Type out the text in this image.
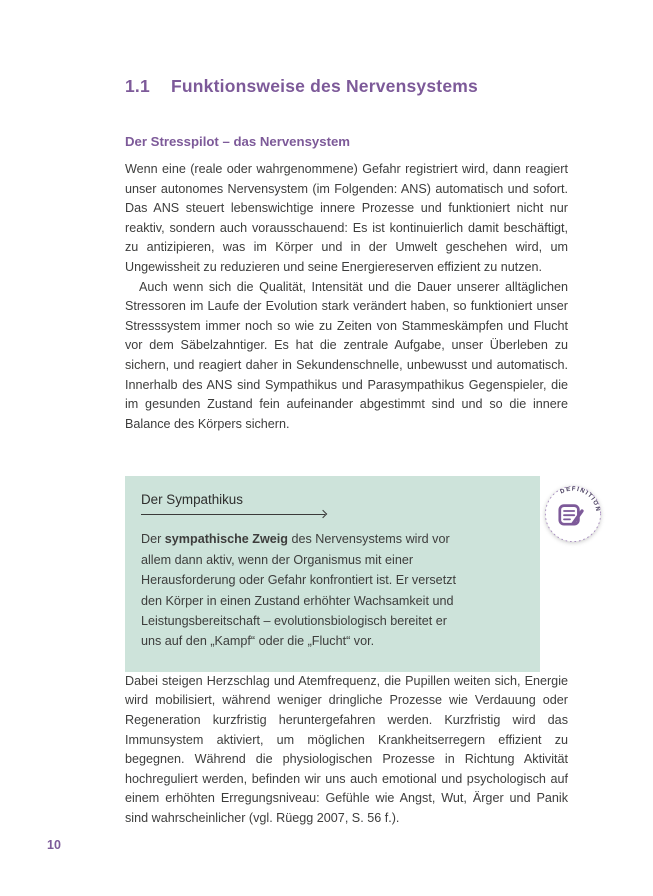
1.1	Funktionsweise des Nervensystems
Der Stresspilot – das Nervensystem

Wenn eine (reale oder wahrgenommene) Gefahr registriert wird, dann reagiert unser autonomes Nervensystem (im Folgenden: ANS) automatisch und sofort. Das ANS steuert lebenswichtige innere Prozesse und funktioniert nicht nur reaktiv, sondern auch vorausschauend: Es ist kontinuierlich damit beschäftigt, zu antizipieren, was im Körper und in der Umwelt geschehen wird, um Ungewissheit zu reduzieren und seine Energiereserven effizient zu nutzen.

Auch wenn sich die Qualität, Intensität und die Dauer unserer alltäglichen Stressoren im Laufe der Evolution stark verändert haben, so funktioniert unser Stresssystem immer noch so wie zu Zeiten von Stammeskämpfen und Flucht vor dem Säbelzahntiger. Es hat die zentrale Aufgabe, unser Überleben zu sichern, und reagiert daher in Sekundenschnelle, unbewusst und automatisch. Innerhalb des ANS sind Sympathikus und Parasympathikus Gegenspieler, die im gesunden Zustand fein aufeinander abgestimmt sind und so die innere Balance des Körpers sichern.

Der Sympathikus

Der sympathische Zweig des Nervensystems wird vor allem dann aktiv, wenn der Organismus mit einer Herausforderung oder Gefahr konfrontiert ist. Er versetzt den Körper in einen Zustand erhöhter Wachsamkeit und Leistungsbereitschaft – evolutionsbiologisch bereitet er uns auf den „Kampf“ oder die „Flucht“ vor.

DEFINITION

Dabei steigen Herzschlag und Atemfrequenz, die Pupillen weiten sich, Energie wird mobilisiert, während weniger dringliche Prozesse wie Verdauung oder Regeneration kurzfristig heruntergefahren werden. Kurzfristig wird das Immunsystem aktiviert, um möglichen Krankheitserregern effizient zu begegnen. Während die physiologischen Prozesse in Richtung Aktivität hochreguliert werden, befinden wir uns auch emotional und psychologisch auf einem erhöhten Erregungsniveau: Gefühle wie Angst, Wut, Ärger und Panik sind wahrscheinlicher (vgl. Rüegg 2007, S. 56 f.).

10
